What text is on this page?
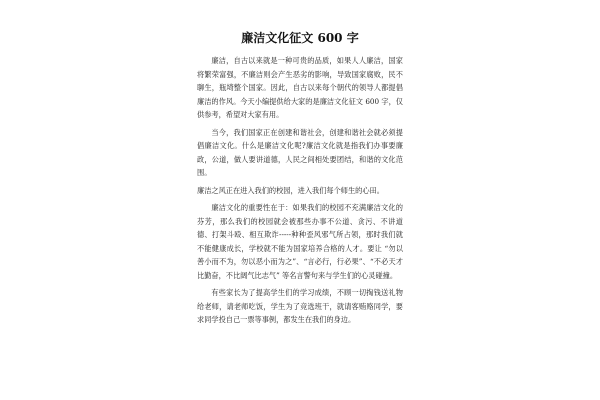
廉洁文化征文 600 字

廉洁，自古以来就是一种可贵的品质，如果人人廉洁，国家将繁荣富强，不廉洁则会产生恶劣的影响，导致国家腐败，民不聊生，瓶埼整个国家。因此，自古以来每个朝代的领导人都提倡廉洁的作风。今天小编提供给大家的是廉洁文化征文 600 字，仅供参考，希望对大家有用。

当今，我们国家正在创建和谐社会，创建和谐社会就必须提倡廉洁文化。什么是廉洁文化呢?廉洁文化就是指我们办事要廉政，公道，做人要讲道德，人民之间相处要团结，和谐的文化范围。

廉洁之风正在进入我们的校园，进入我们每个师生的心田。

廉洁文化的重要性在于：如果我们的校园不充满廉洁文化的芬芳，那么我们的校园就会被那些办事不公道、贪污、不讲道德、打架斗殴、相互欺诈-----种种歪风邪气所占领，那时我们就不能健康成长，学校就不能为国家培养合格的人才。要让 “勿以善小而不为，勿以恶小而为之”、“言必行，行必果”、“不必天才比勤奋，不比阔气比志气” 等名言警句来与学生们的心灵碰撞。

有些家长为了提高学生们的学习成绩，不顾一切掏钱送礼物给老师，请老师吃饭，学生为了竞选班干，就请客贿赂同学，要求同学投自己一票等事例，都发生在我们的身边。
